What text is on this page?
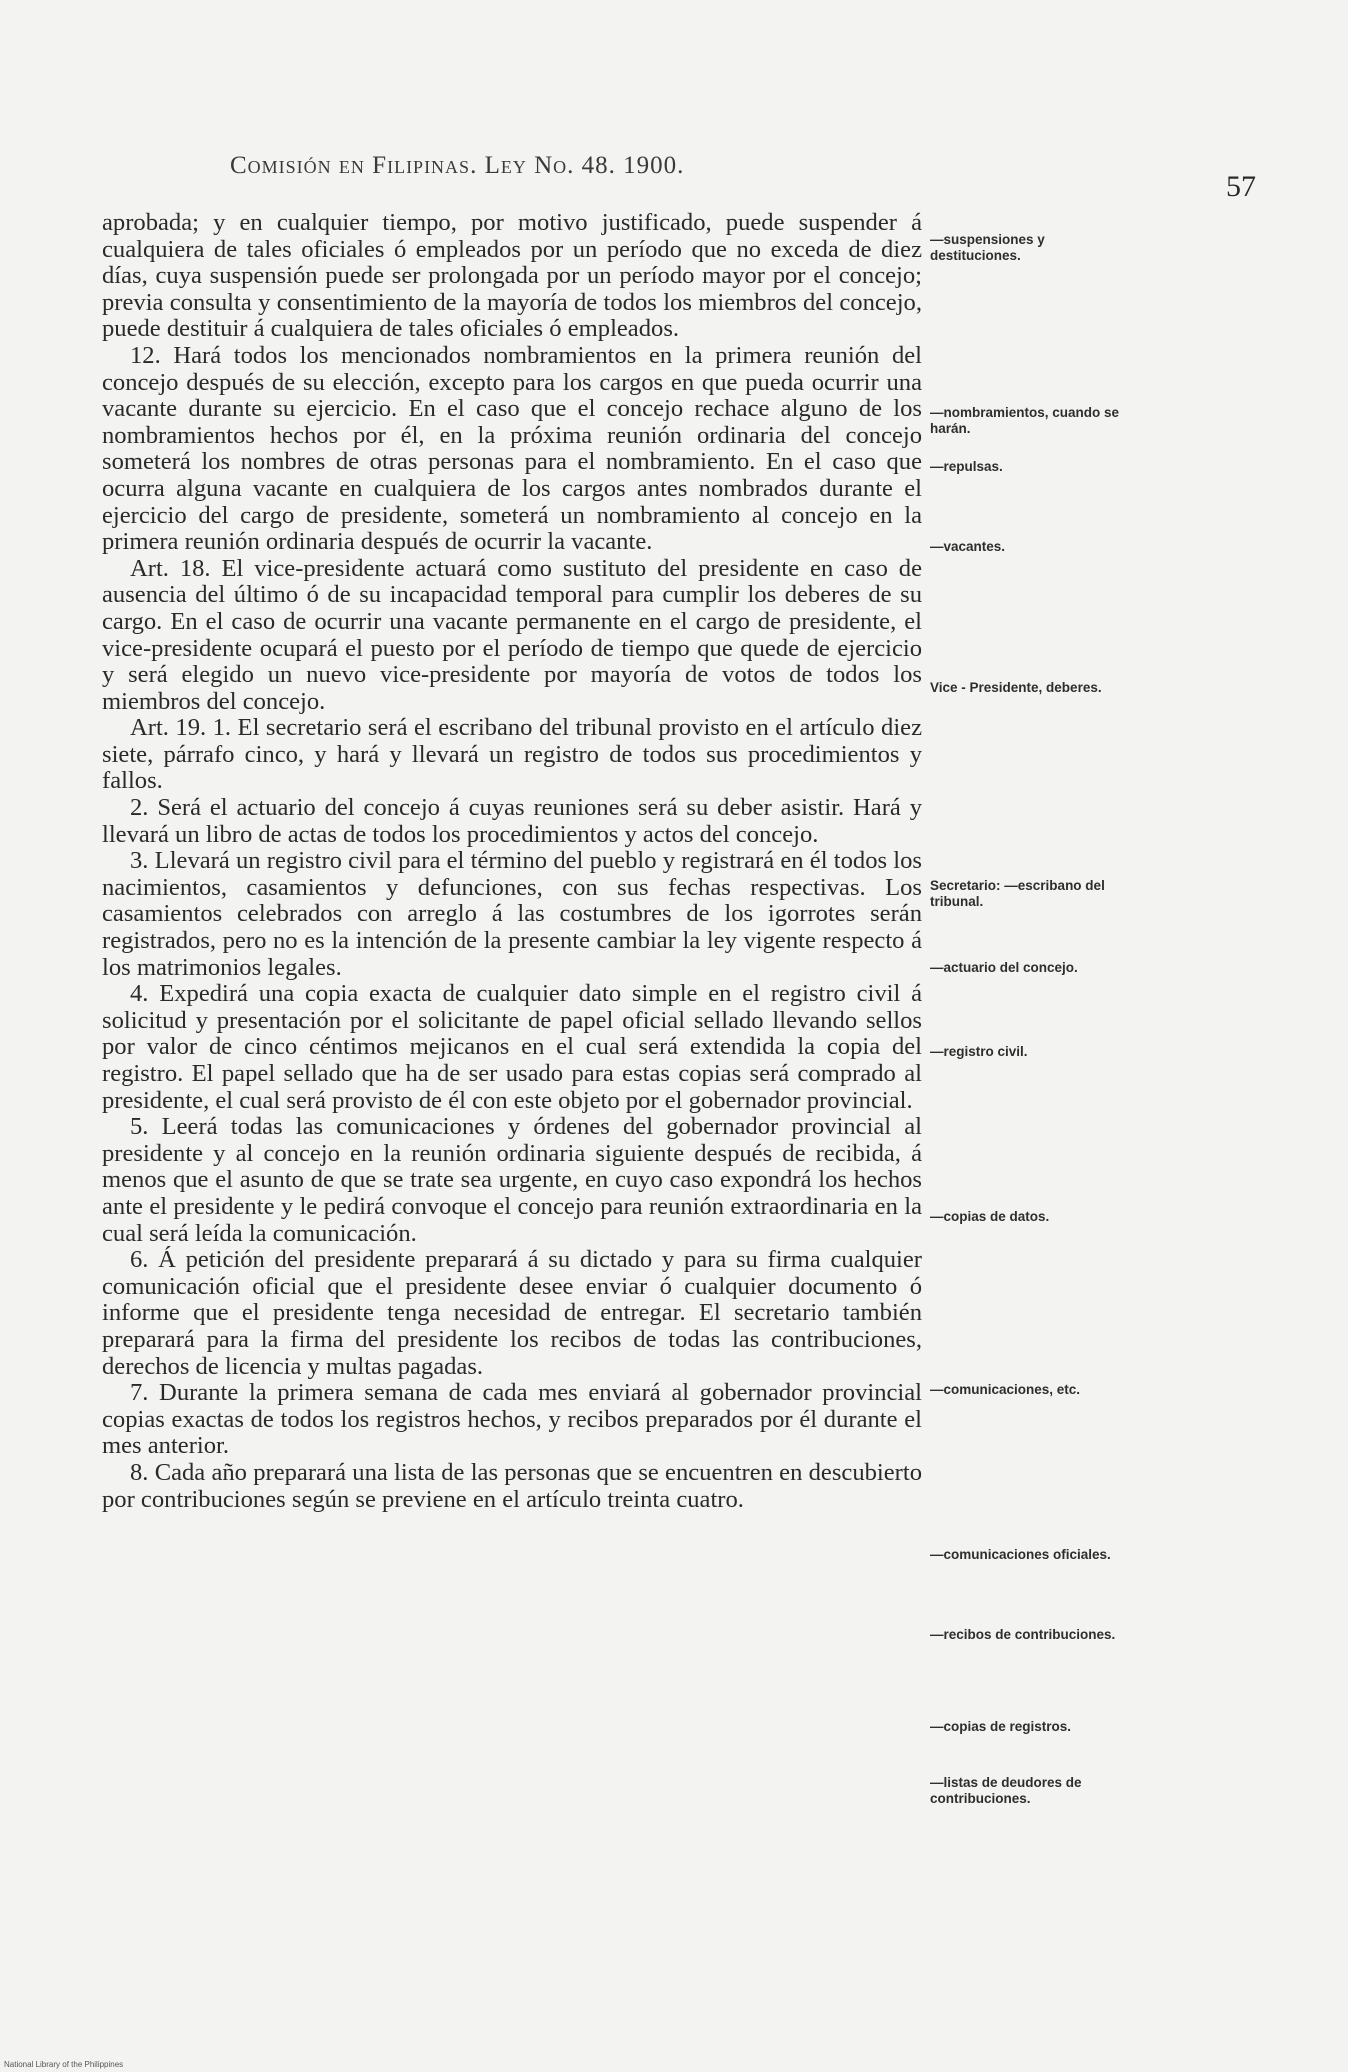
Comisión en Filipinas. Ley No. 48. 1900.
57

aprobada; y en cualquier tiempo, por motivo justificado, puede suspender á cualquiera de tales oficiales ó empleados por un período que no exceda de diez días, cuya suspensión puede ser prolongada por un período mayor por el concejo; previa consulta y consentimiento de la mayoría de todos los miembros del concejo, puede destituir á cualquiera de tales oficiales ó empleados.

12. Hará todos los mencionados nombramientos en la primera reunión del concejo después de su elección, excepto para los cargos en que pueda ocurrir una vacante durante su ejercicio. En el caso que el concejo rechace alguno de los nombramientos hechos por él, en la próxima reunión ordinaria del concejo someterá los nombres de otras personas para el nombramiento. En el caso que ocurra alguna vacante en cualquiera de los cargos antes nombrados durante el ejercicio del cargo de presidente, someterá un nombramiento al concejo en la primera reunión ordinaria después de ocurrir la vacante.

Art. 18. El vice-presidente actuará como sustituto del presidente en caso de ausencia del último ó de su incapacidad temporal para cumplir los deberes de su cargo. En el caso de ocurrir una vacante permanente en el cargo de presidente, el vice-presidente ocupará el puesto por el período de tiempo que quede de ejercicio y será elegido un nuevo vice-presidente por mayoría de votos de todos los miembros del concejo.

Art. 19. 1. El secretario será el escribano del tribunal provisto en el artículo diez siete, párrafo cinco, y hará y llevará un registro de todos sus procedimientos y fallos.

2. Será el actuario del concejo á cuyas reuniones será su deber asistir. Hará y llevará un libro de actas de todos los procedimientos y actos del concejo.

3. Llevará un registro civil para el término del pueblo y registrará en él todos los nacimientos, casamientos y defunciones, con sus fechas respectivas. Los casamientos celebrados con arreglo á las costumbres de los igorrotes serán registrados, pero no es la intención de la presente cambiar la ley vigente respecto á los matrimonios legales.

4. Expedirá una copia exacta de cualquier dato simple en el registro civil á solicitud y presentación por el solicitante de papel oficial sellado llevando sellos por valor de cinco céntimos mejicanos en el cual será extendida la copia del registro. El papel sellado que ha de ser usado para estas copias será comprado al presidente, el cual será provisto de él con este objeto por el gobernador provincial.

5. Leerá todas las comunicaciones y órdenes del gobernador provincial al presidente y al concejo en la reunión ordinaria siguiente después de recibida, á menos que el asunto de que se trate sea urgente, en cuyo caso expondrá los hechos ante el presidente y le pedirá convoque el concejo para reunión extraordinaria en la cual será leída la comunicación.

6. Á petición del presidente preparará á su dictado y para su firma cualquier comunicación oficial que el presidente desee enviar ó cualquier documento ó informe que el presidente tenga necesidad de entregar. El secretario también preparará para la firma del presidente los recibos de todas las contribuciones, derechos de licencia y multas pagadas.

7. Durante la primera semana de cada mes enviará al gobernador provincial copias exactas de todos los registros hechos, y recibos preparados por él durante el mes anterior.

8. Cada año preparará una lista de las personas que se encuentren en descubierto por contribuciones según se previene en el artículo treinta cuatro.

—suspensiones y destituciones.
—nombramientos, cuando se harán.
—repulsas.
—vacantes.
Vice - Presidente, deberes.
Secretario: —escribano del tribunal.
—actuario del concejo.
—registro civil.
—copias de datos.
—comunicaciones, etc.
—comunicaciones oficiales.
—recibos de contribuciones.
—copias de registros.
—listas de deudores de contribuciones.
National Library of the Philippines
